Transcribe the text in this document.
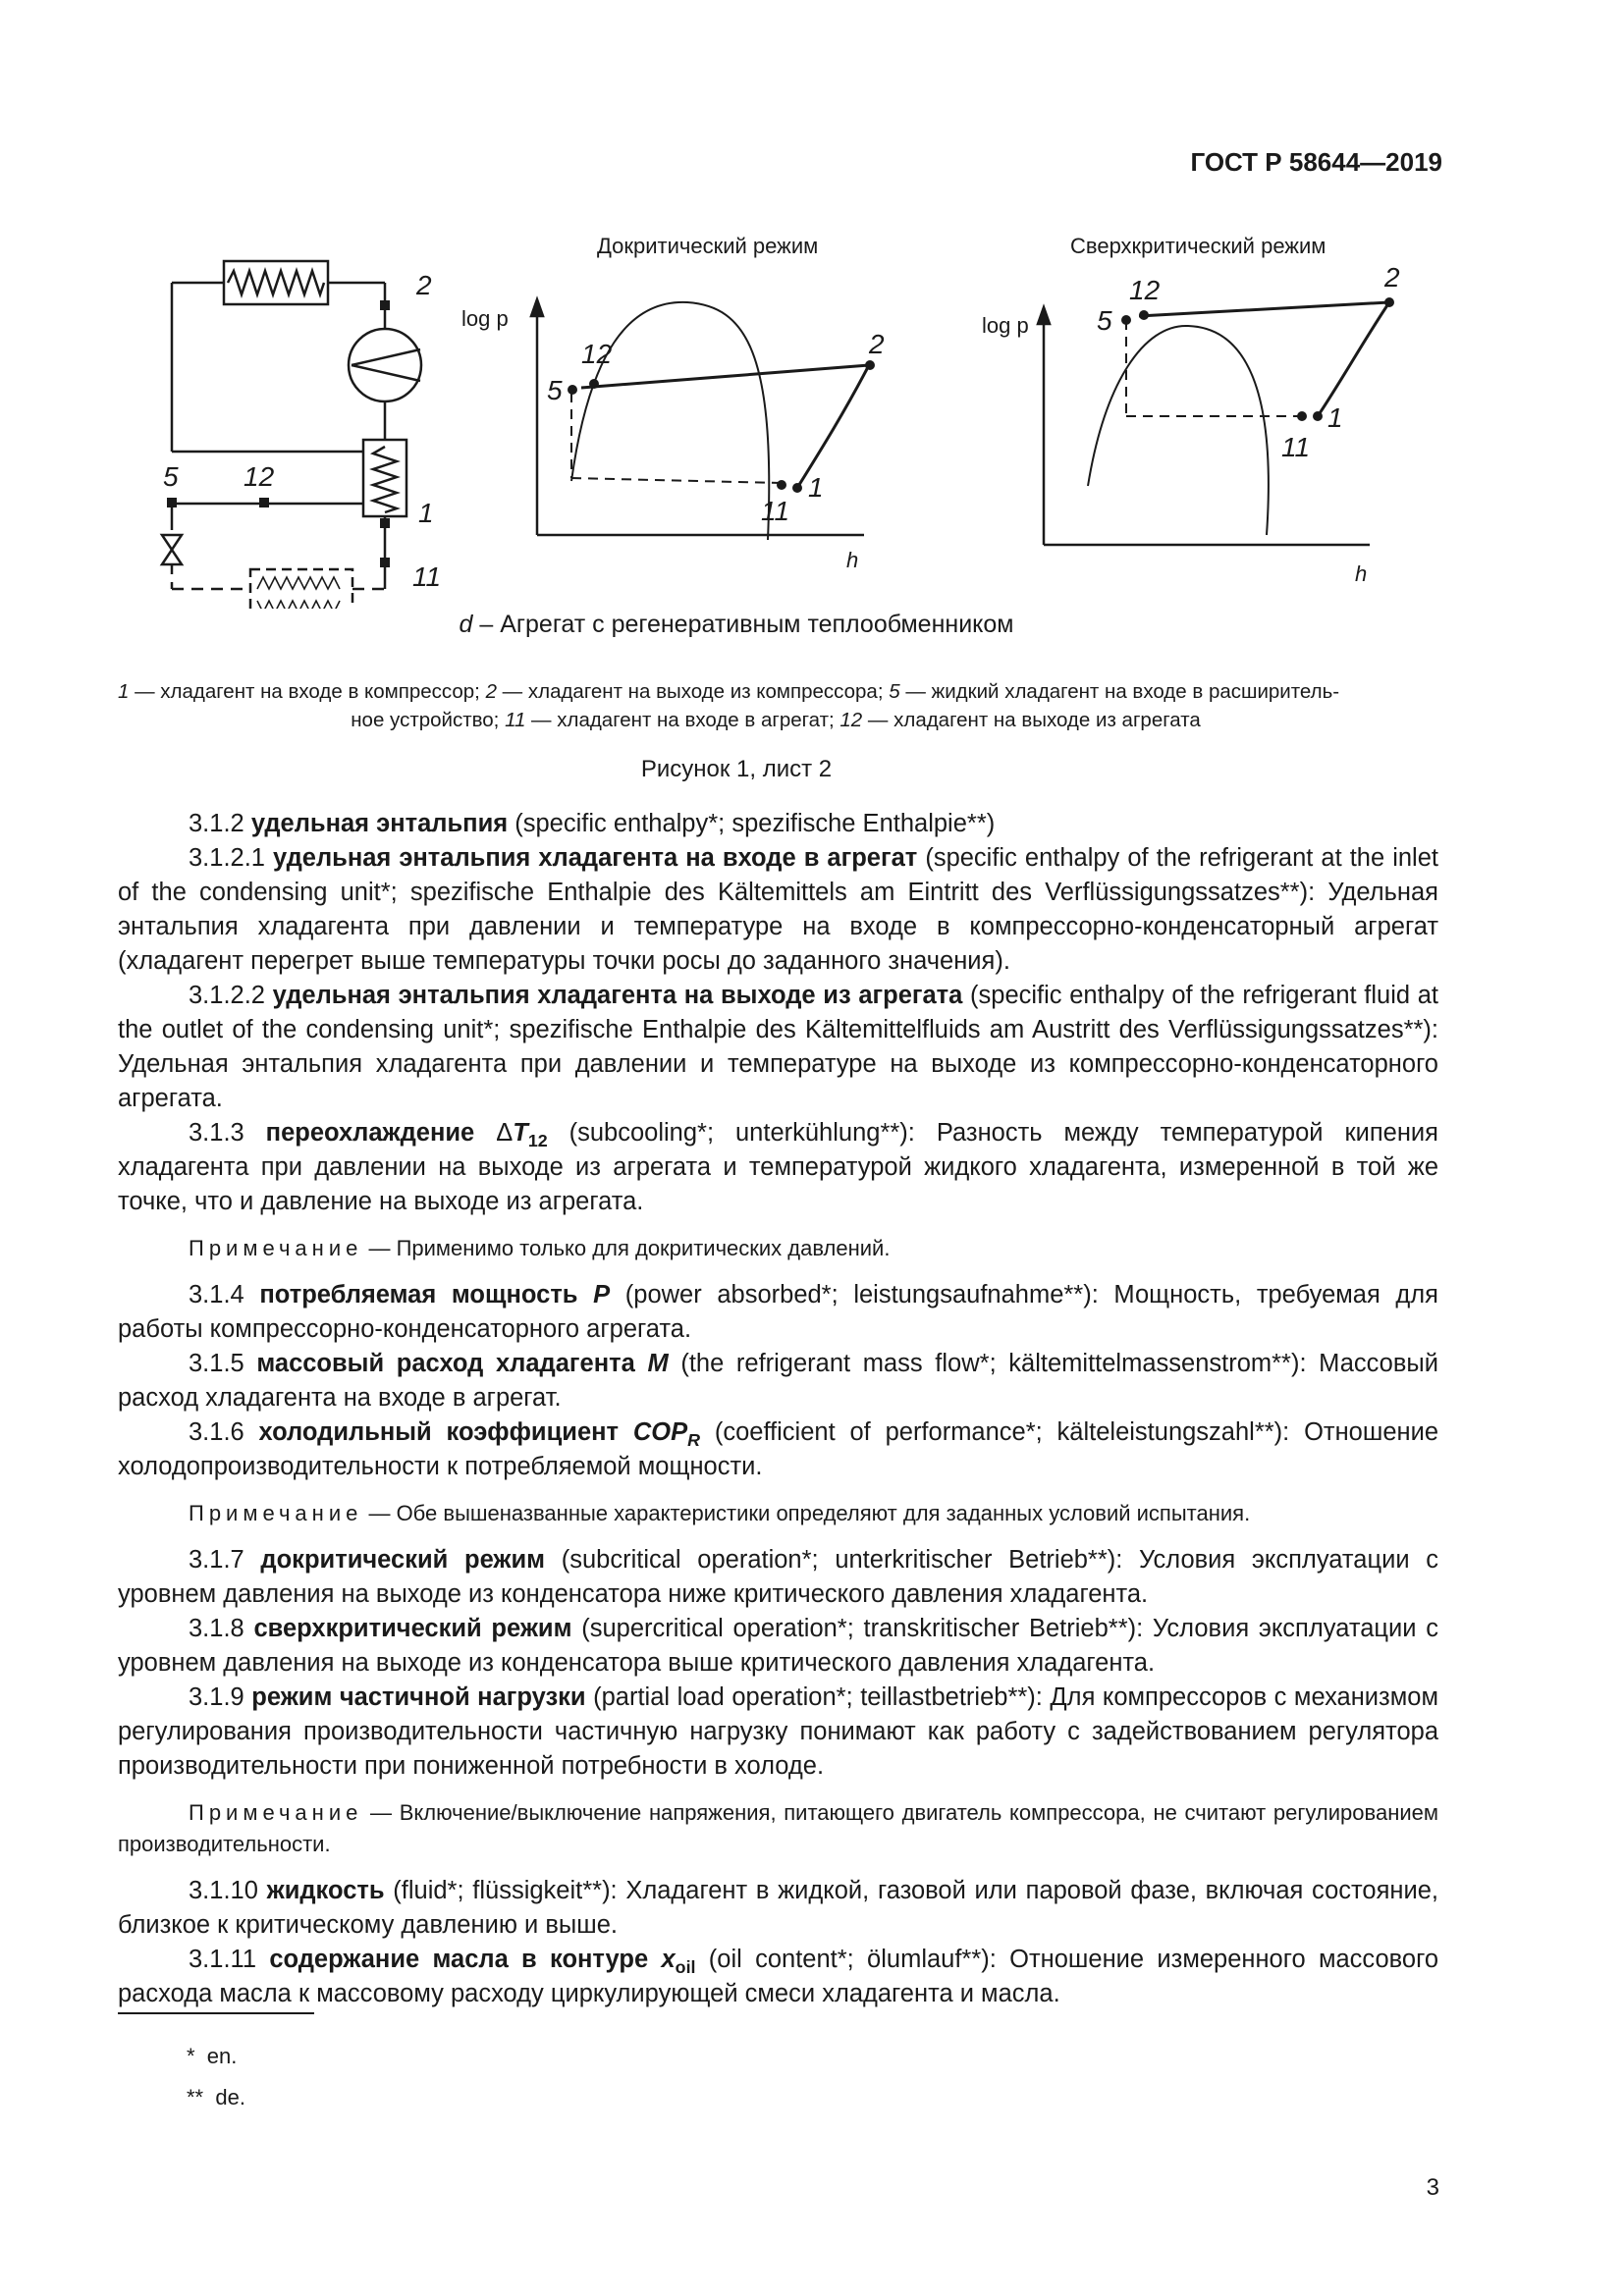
ГОСТ Р 58644—2019
2
5 12
1
11
12	2
5
1
11
12	2
5
1
11
Докритический режим	Сверхкритический режим
log p
h
log p
h
d – Агрегат с регенеративным теплообменником
1 — хладагент на входе в компрессор; 2 — хладагент на выходе из компрессора; 5 — жидкий хладагент на входе в расширитель-
ное устройство; 11 — хладагент на входе в агрегат; 12 — хладагент на выходе из агрегата
Рисунок 1, лист 2

3.1.2 удельная энтальпия (specific enthalpy*; spezifische Enthalpie**)

3.1.2.1 удельная энтальпия хладагента на входе в агрегат (specific enthalpy of the refrigerant at the inlet of the condensing unit*; spezifische Enthalpie des Kältemittels am Eintritt des Verflüssigungssatzes**): Удельная энтальпия хладагента при давлении и температуре на входе в компрессорно-конденсаторный агрегат (хладагент перегрет выше температуры точки росы до заданного значения).

3.1.2.2 удельная энтальпия хладагента на выходе из агрегата (specific enthalpy of the refrigerant fluid at the outlet of the condensing unit*; spezifische Enthalpie des Kältemittelfluids am Austritt des Verflüssigungssatzes**): Удельная энтальпия хладагента при давлении и температуре на выходе из компрессорно-конденсаторного агрегата.

3.1.3 переохлаждение $\Delta T_{12}$ (subcooling*; unterkühlung**): Разность между температурой кипения хладагента при давлении на выходе из агрегата и температурой жидкого хладагента, измеренной в той же точке, что и давление на выходе из агрегата.

Примечание — Применимо только для докритических давлений.

3.1.4 потребляемая мощность P (power absorbed*; leistungsaufnahme**): Мощность, требуемая для работы компрессорно-конденсаторного агрегата.

3.1.5 массовый расход хладагента M (the refrigerant mass flow*; kältemittelmassenstrom**): Массовый расход хладагента на входе в агрегат.

3.1.6 холодильный коэффициент $COP_R$ (coefficient of performance*; kälteleistungszahl**): Отношение холодопроизводительности к потребляемой мощности.

Примечание — Обе вышеназванные характеристики определяют для заданных условий испытания.

3.1.7 докритический режим (subcritical operation*; unterkritischer Betrieb**): Условия эксплуатации с уровнем давления на выходе из конденсатора ниже критического давления хладагента.

3.1.8 сверхкритический режим (supercritical operation*; transkritischer Betrieb**): Условия эксплуатации с уровнем давления на выходе из конденсатора выше критического давления хладагента.

3.1.9 режим частичной нагрузки (partial load operation*; teillastbetrieb**): Для компрессоров с механизмом регулирования производительности частичную нагрузку понимают как работу с задействованием регулятора производительности при пониженной потребности в холоде.

Примечание — Включение/выключение напряжения, питающего двигатель компрессора, не считают регулированием производительности.

3.1.10 жидкость (fluid*; flüssigkeit**): Хладагент в жидкой, газовой или паровой фазе, включая состояние, близкое к критическому давлению и выше.

3.1.11 содержание масла в контуре $x_{oil}$ (oil content*; ölumlauf**): Отношение измеренного массового расхода масла к массовому расходу циркулирующей смеси хладагента и масла.

* en.
** de.
3
